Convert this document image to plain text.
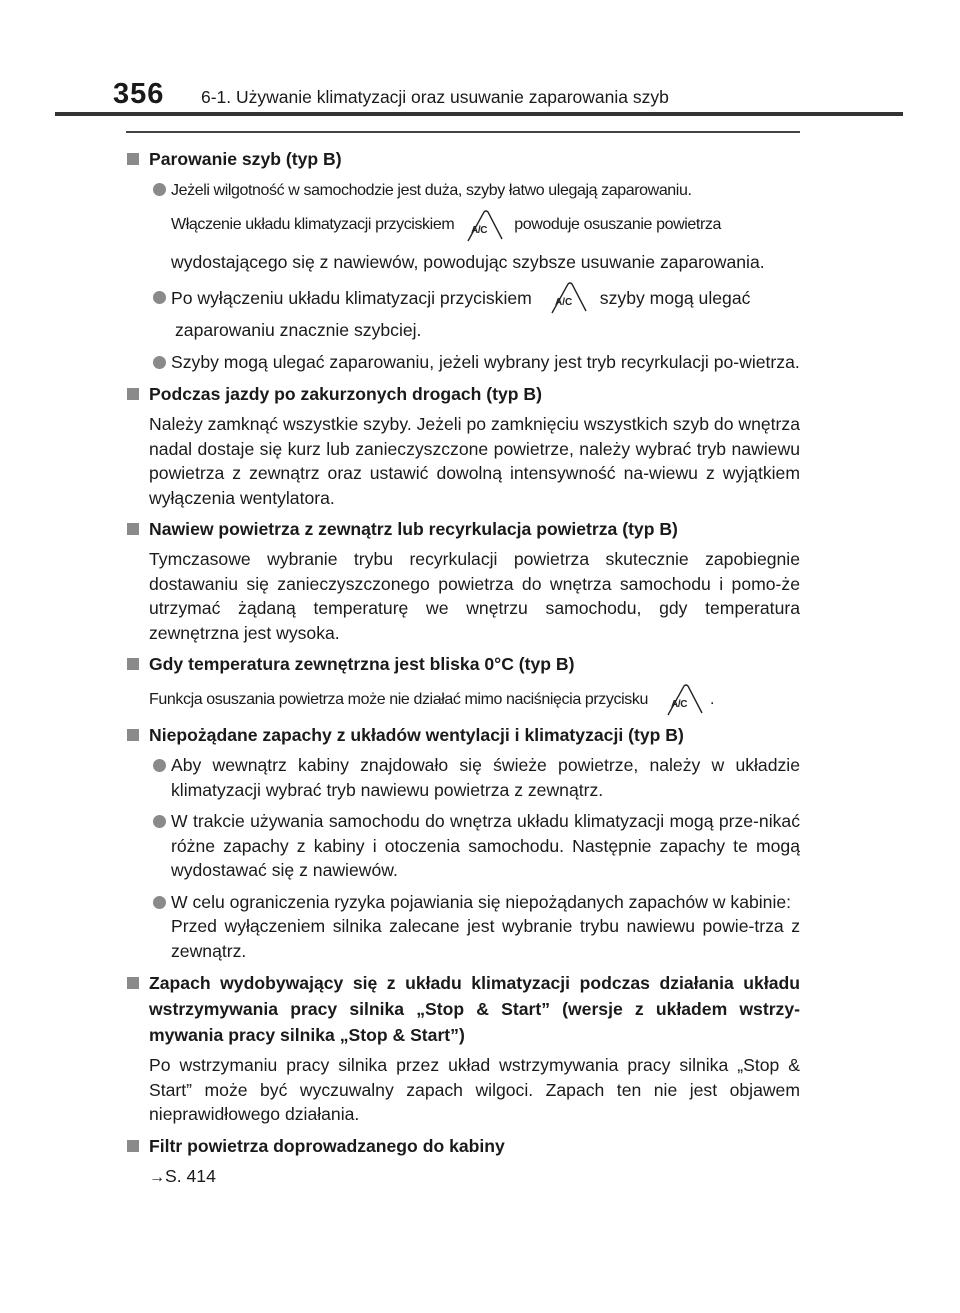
356	6-1. Używanie klimatyzacji oraz usuwanie zaparowania szyb
Parowanie szyb (typ B)
Jeżeli wilgotność w samochodzie jest duża, szyby łatwo ulegają zaparowaniu.
Włączenie układu klimatyzacji przyciskiem A/C powoduje osuszanie powietrza
wydostającego się z nawiewów, powodując szybsze usuwanie zaparowania.
Po wyłączeniu układu klimatyzacji przyciskiem A/C szyby mogą ulegać
zaparowaniu znacznie szybciej.
Szyby mogą ulegać zaparowaniu, jeżeli wybrany jest tryb recyrkulacji po-wietrza.
Podczas jazdy po zakurzonych drogach (typ B)
Należy zamknąć wszystkie szyby. Jeżeli po zamknięciu wszystkich szyb do wnętrza nadal dostaje się kurz lub zanieczyszczone powietrze, należy wybrać tryb nawiewu powietrza z zewnątrz oraz ustawić dowolną intensywność na-wiewu z wyjątkiem wyłączenia wentylatora.
Nawiew powietrza z zewnątrz lub recyrkulacja powietrza (typ B)
Tymczasowe wybranie trybu recyrkulacji powietrza skutecznie zapobiegnie dostawaniu się zanieczyszczonego powietrza do wnętrza samochodu i pomo-że utrzymać żądaną temperaturę we wnętrzu samochodu, gdy temperatura zewnętrzna jest wysoka.
Gdy temperatura zewnętrzna jest bliska 0°C (typ B)
Funkcja osuszania powietrza może nie działać mimo naciśnięcia przycisku A/C .
Niepożądane zapachy z układów wentylacji i klimatyzacji (typ B)
Aby wewnątrz kabiny znajdowało się świeże powietrze, należy w układzie klimatyzacji wybrać tryb nawiewu powietrza z zewnątrz.
W trakcie używania samochodu do wnętrza układu klimatyzacji mogą prze-nikać różne zapachy z kabiny i otoczenia samochodu. Następnie zapachy te mogą wydostawać się z nawiewów.
W celu ograniczenia ryzyka pojawiania się niepożądanych zapachów w kabinie:
Przed wyłączeniem silnika zalecane jest wybranie trybu nawiewu powie-trza z zewnątrz.
Zapach wydobywający się z układu klimatyzacji podczas działania układu wstrzymywania pracy silnika „Stop & Start” (wersje z układem wstrzy-mywania pracy silnika „Stop & Start”)
Po wstrzymaniu pracy silnika przez układ wstrzymywania pracy silnika „Stop & Start” może być wyczuwalny zapach wilgoci. Zapach ten nie jest objawem nieprawidłowego działania.
Filtr powietrza doprowadzanego do kabiny
→S. 414
